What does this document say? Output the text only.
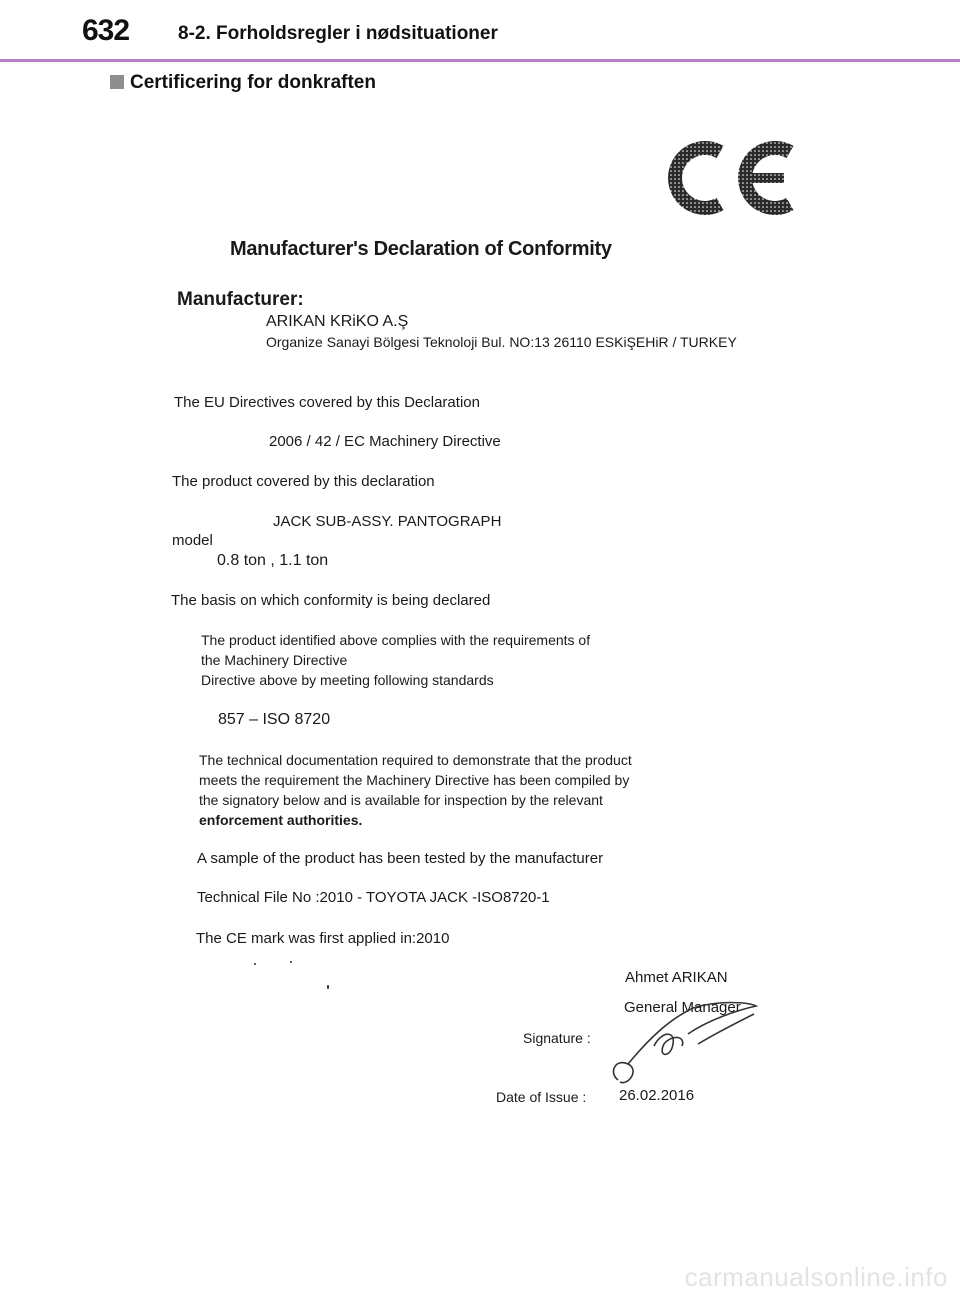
632	8-2. Forholdsregler i nødsituationer
Certificering for donkraften
CE
Manufacturer's Declaration of Conformity
Manufacturer:
ARIKAN KRiKO A.Ş
Organize Sanayi Bölgesi Teknoloji Bul. NO:13 26110 ESKiŞEHiR / TURKEY
The EU Directives covered by this Declaration
2006 / 42 / EC Machinery Directive
The product covered by this declaration
JACK SUB-ASSY. PANTOGRAPH
model
0.8 ton , 1.1 ton
The basis on which conformity is being declared
The product identified above complies with the requirements of
the Machinery Directive
Directive above by meeting following standards
857 – ISO 8720
The technical documentation required to demonstrate that the product
meets the requirement the Machinery Directive has been compiled by
the signatory below and is available for inspection by the relevant
enforcement authorities.
A sample of the product has been tested by the manufacturer
Technical File No :2010 - TOYOTA JACK -ISO8720-1
The CE mark was first applied in:2010
Ahmet ARIKAN
General Manager
Signature :
Date of Issue : 26.02.2016
carmanualsonline.info
